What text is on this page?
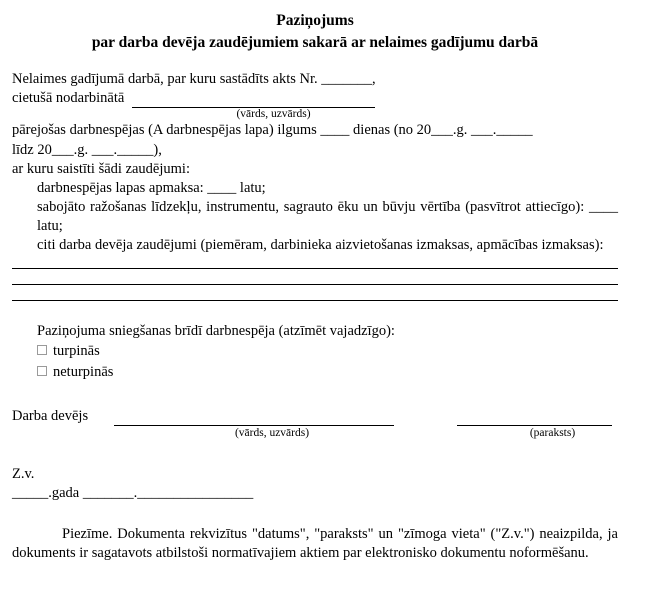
Paziņojums
par darba devēja zaudējumiem sakarā ar nelaimes gadījumu darbā

Nelaimes gadījumā darbā, par kuru sastādīts akts Nr. _______,

cietušā nodarbinātā

(vārds, uzvārds)

pārejošas darbnespējas (A darbnespējas lapa) ilgums ____ dienas (no 20___.g. ___._____

līdz 20___.g. ___._____),

ar kuru saistīti šādi zaudējumi:

darbnespējas lapas apmaksa: ____ latu;

sabojāto ražošanas līdzekļu, instrumentu, sagrauto ēku un būvju vērtība (pasvītrot attiecīgo): ____ latu;

citi darba devēja zaudējumi (piemēram, darbinieka aizvietošanas izmaksas, apmācības izmaksas):

Paziņojuma sniegšanas brīdī darbnespēja (atzīmēt vajadzīgo):

turpinās

neturpinās

Darba devējs

(vārds, uzvārds)	(paraksts)

Z.v.

_____.gada _______.________________

Piezīme. Dokumenta rekvizītus "datums", "paraksts" un "zīmoga vieta" ("Z.v.") neaizpilda, ja dokuments ir sagatavots atbilstoši normatīvajiem aktiem par elektronisko dokumentu noformēšanu.
